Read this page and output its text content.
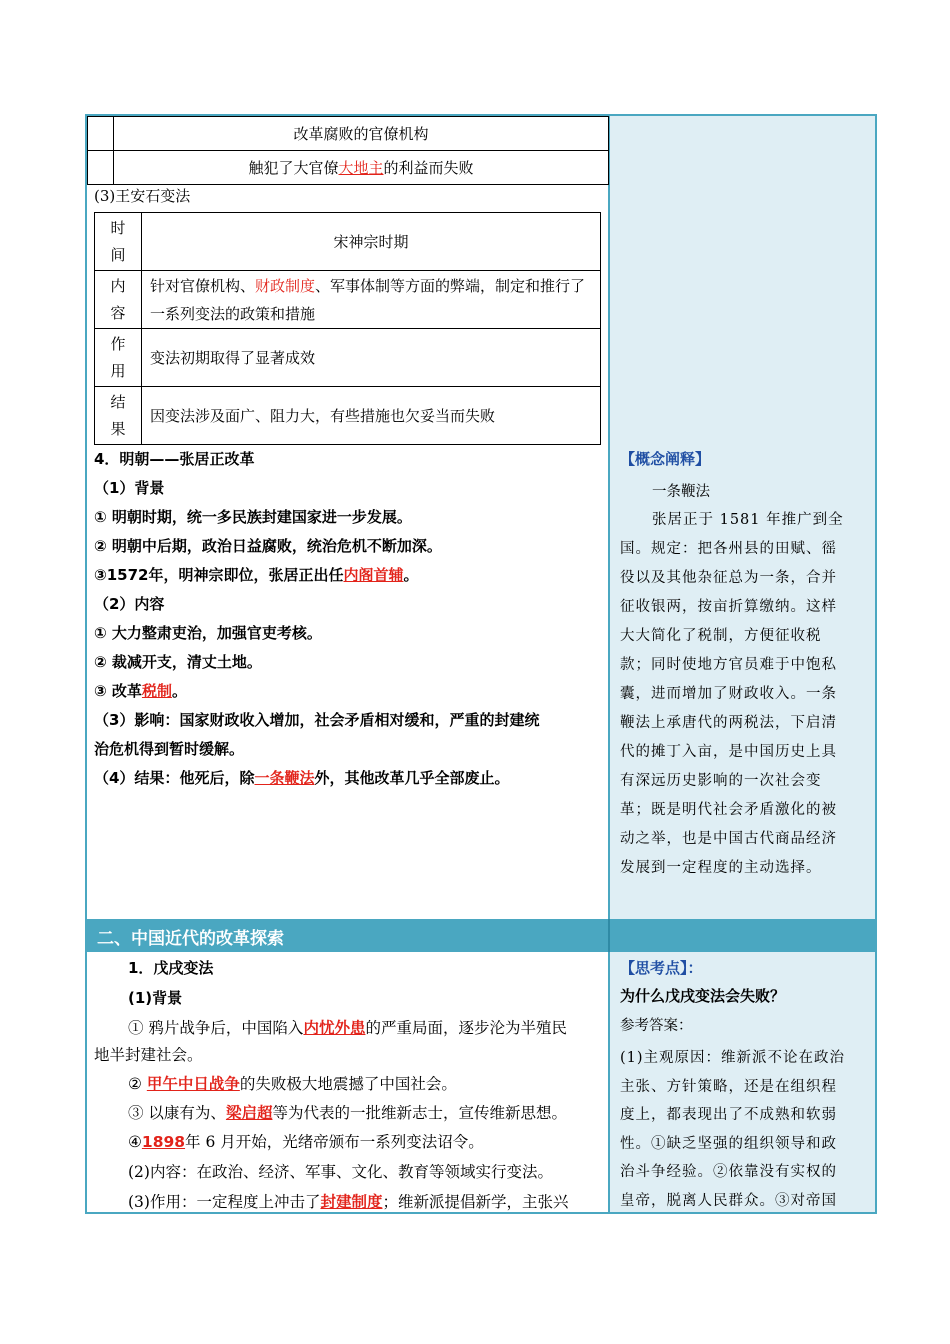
	改革腐败的官僚机构
	触犯了大官僚大地主的利益而失败
(3)王安石变法
时间	宋神宗时期
内容	针对官僚机构、财政制度、军事体制等方面的弊端，制定和推行了一系列变法的政策和措施
作用	变法初期取得了显著成效
结果	因变法涉及面广、阻力大，有些措施也欠妥当而失败
4．明朝——张居正改革
（1）背景
① 明朝时期，统一多民族封建国家进一步发展。
② 明朝中后期，政治日益腐败，统治危机不断加深。
③1572年，明神宗即位，张居正出任内阁首辅。
（2）内容
① 大力整肃吏治，加强官吏考核。
② 裁减开支，清丈土地。
③ 改革税制。
（3）影响：国家财政收入增加，社会矛盾相对缓和，严重的封建统
治危机得到暂时缓解。
（4）结果：他死后，除一条鞭法外，其他改革几乎全部废止。
【概念阐释】
一条鞭法
张居正于 1581 年推广到全
国。规定：把各州县的田赋、徭
役以及其他杂征总为一条，合并
征收银两，按亩折算缴纳。这样
大大简化了税制，方便征收税
款；同时使地方官员难于中饱私
囊，进而增加了财政收入。一条
鞭法上承唐代的两税法，下启清
代的摊丁入亩，是中国历史上具
有深远历史影响的一次社会变
革；既是明代社会矛盾激化的被
动之举，也是中国古代商品经济
发展到一定程度的主动选择。
二、中国近代的改革探索
1．戊戌变法
(1)背景
① 鸦片战争后，中国陷入内忧外患的严重局面，逐步沦为半殖民
地半封建社会。
② 甲午中日战争的失败极大地震撼了中国社会。
③ 以康有为、梁启超等为代表的一批维新志士，宣传维新思想。
④1898年 6 月开始，光绪帝颁布一系列变法诏令。
(2)内容：在政治、经济、军事、文化、教育等领域实行变法。
(3)作用：一定程度上冲击了封建制度；维新派提倡新学，主张兴
【思考点】：
为什么戊戌变法会失败？
参考答案：
(1)主观原因：维新派不论在政治
主张、方针策略，还是在组织程
度上，都表现出了不成熟和软弱
性。①缺乏坚强的组织领导和政
治斗争经验。②依靠没有实权的
皇帝，脱离人民群众。③对帝国
